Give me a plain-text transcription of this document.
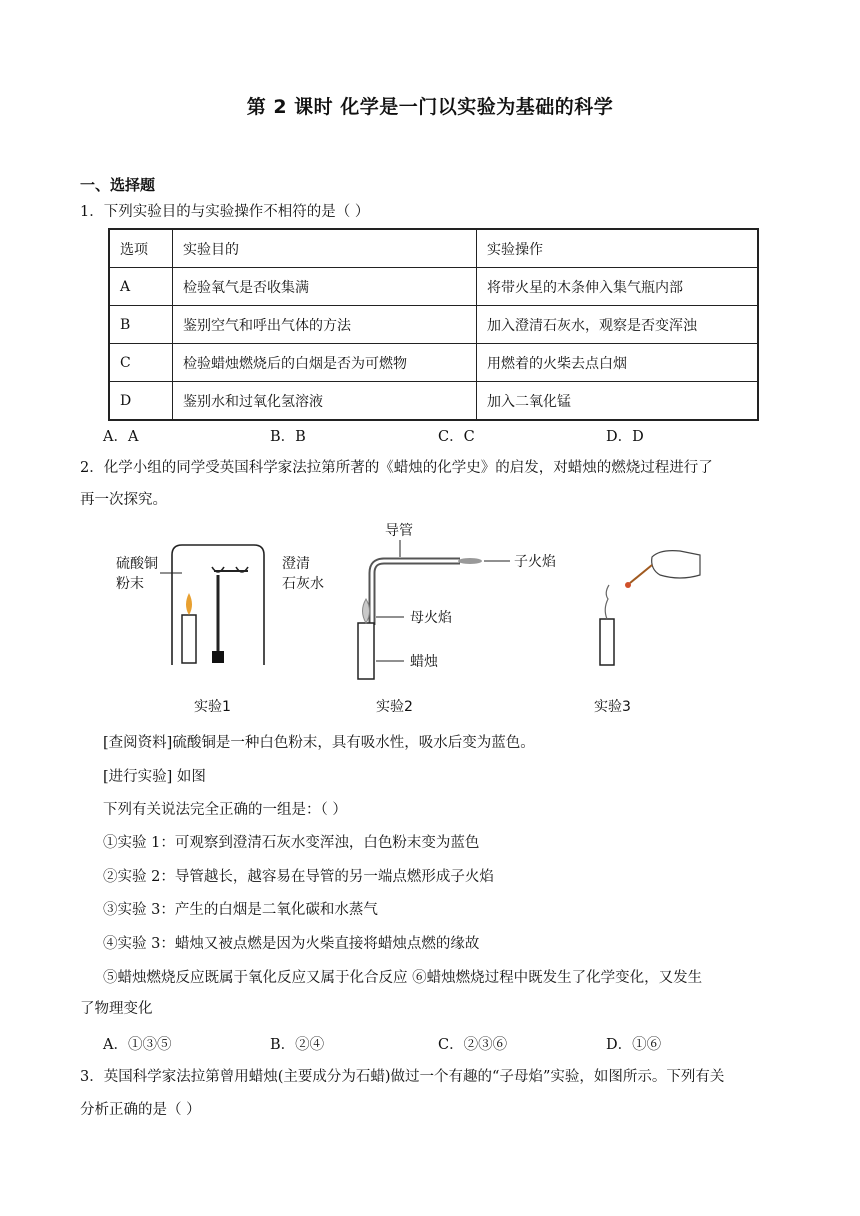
第 2 课时 化学是一门以实验为基础的科学
一、选择题
1．下列实验目的与实验操作不相符的是（ ）
选项	实验目的	实验操作
A	检验氧气是否收集满	将带火星的木条伸入集气瓶内部
B	鉴别空气和呼出气体的方法	加入澄清石灰水，观察是否变浑浊
C	检验蜡烛燃烧后的白烟是否为可燃物	用燃着的火柴去点白烟
D	鉴别水和过氧化氢溶液	加入二氧化锰
A．A	B．B	C．C	D．D
2．化学小组的同学受英国科学家法拉第所著的《蜡烛的化学史》的启发，对蜡烛的燃烧过程进行了
再一次探究。
硫酸铜
粉末
澄清
石灰水
实验1
导管
子火焰
母火焰
蜡烛
实验2	实验3
[查阅资料]硫酸铜是一种白色粉末，具有吸水性，吸水后变为蓝色。
[进行实验] 如图
下列有关说法完全正确的一组是：（ ）
①实验 1：可观察到澄清石灰水变浑浊，白色粉末变为蓝色
②实验 2：导管越长，越容易在导管的另一端点燃形成子火焰
③实验 3：产生的白烟是二氧化碳和水蒸气
④实验 3：蜡烛又被点燃是因为火柴直接将蜡烛点燃的缘故
⑤蜡烛燃烧反应既属于氧化反应又属于化合反应 ⑥蜡烛燃烧过程中既发生了化学变化，又发生
了物理变化
A．①③⑤	B．②④	C．②③⑥	D．①⑥
3．英国科学家法拉第曾用蜡烛(主要成分为石蜡)做过一个有趣的“子母焰”实验，如图所示。下列有关
分析正确的是（ ）
